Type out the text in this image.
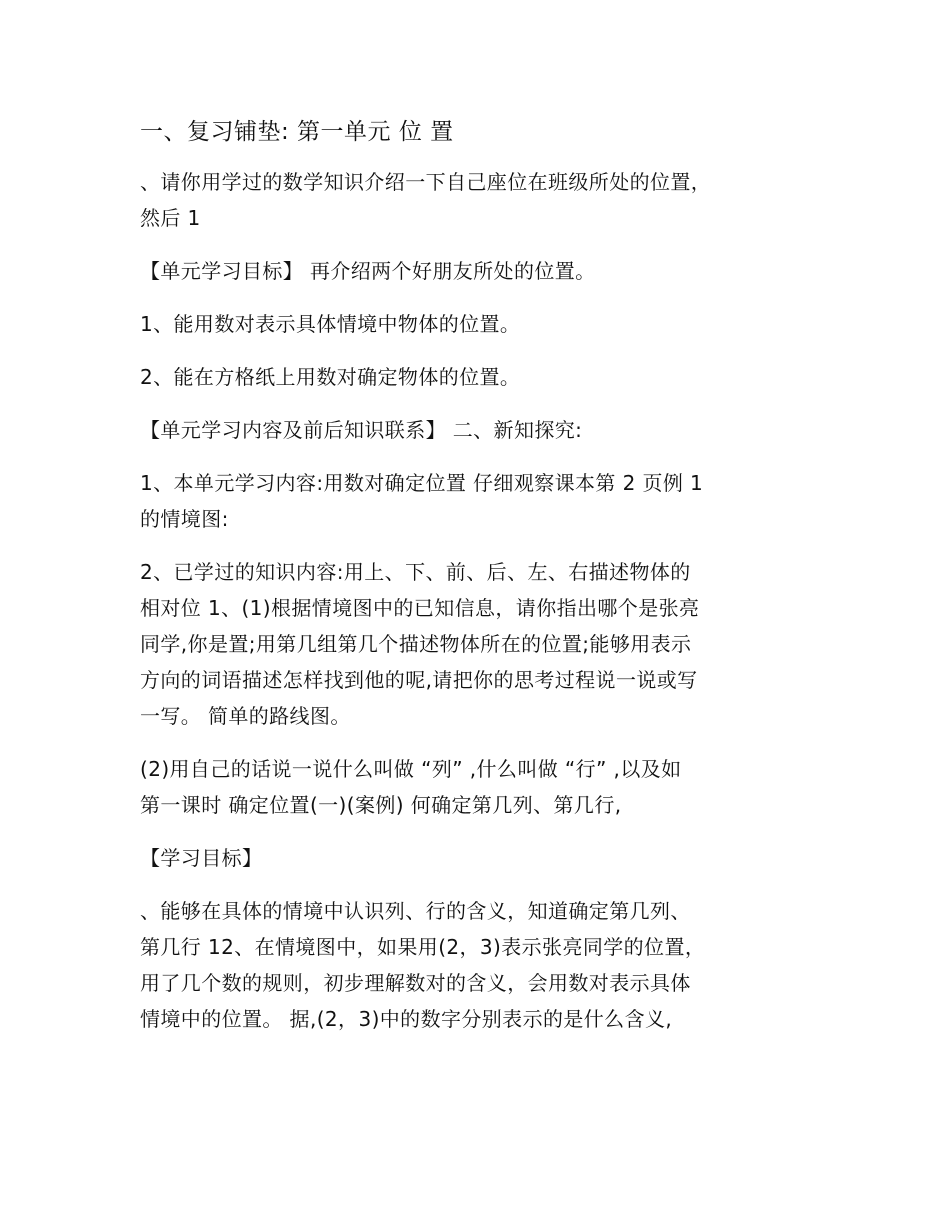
一、复习铺垫: 第一单元 位 置
、请你用学过的数学知识介绍一下自己座位在班级所处的位置，
然后 1
【单元学习目标】 再介绍两个好朋友所处的位置。
1、能用数对表示具体情境中物体的位置。
2、能在方格纸上用数对确定物体的位置。
【单元学习内容及前后知识联系】 二、新知探究:
1、本单元学习内容:用数对确定位置 仔细观察课本第 2 页例 1
的情境图:
2、已学过的知识内容:用上、下、前、后、左、右描述物体的
相对位 1、(1)根据情境图中的已知信息，请你指出哪个是张亮
同学,你是置;用第几组第几个描述物体所在的位置;能够用表示
方向的词语描述怎样找到他的呢,请把你的思考过程说一说或写
一写。 简单的路线图。
(2)用自己的话说一说什么叫做 “列” ,什么叫做 “行” ,以及如
第一课时 确定位置(一)(案例) 何确定第几列、第几行,
【学习目标】
、能够在具体的情境中认识列、行的含义，知道确定第几列、
第几行 12、在情境图中，如果用(2，3)表示张亮同学的位置，
用了几个数的规则，初步理解数对的含义，会用数对表示具体
情境中的位置。 据,(2，3)中的数字分别表示的是什么含义,
